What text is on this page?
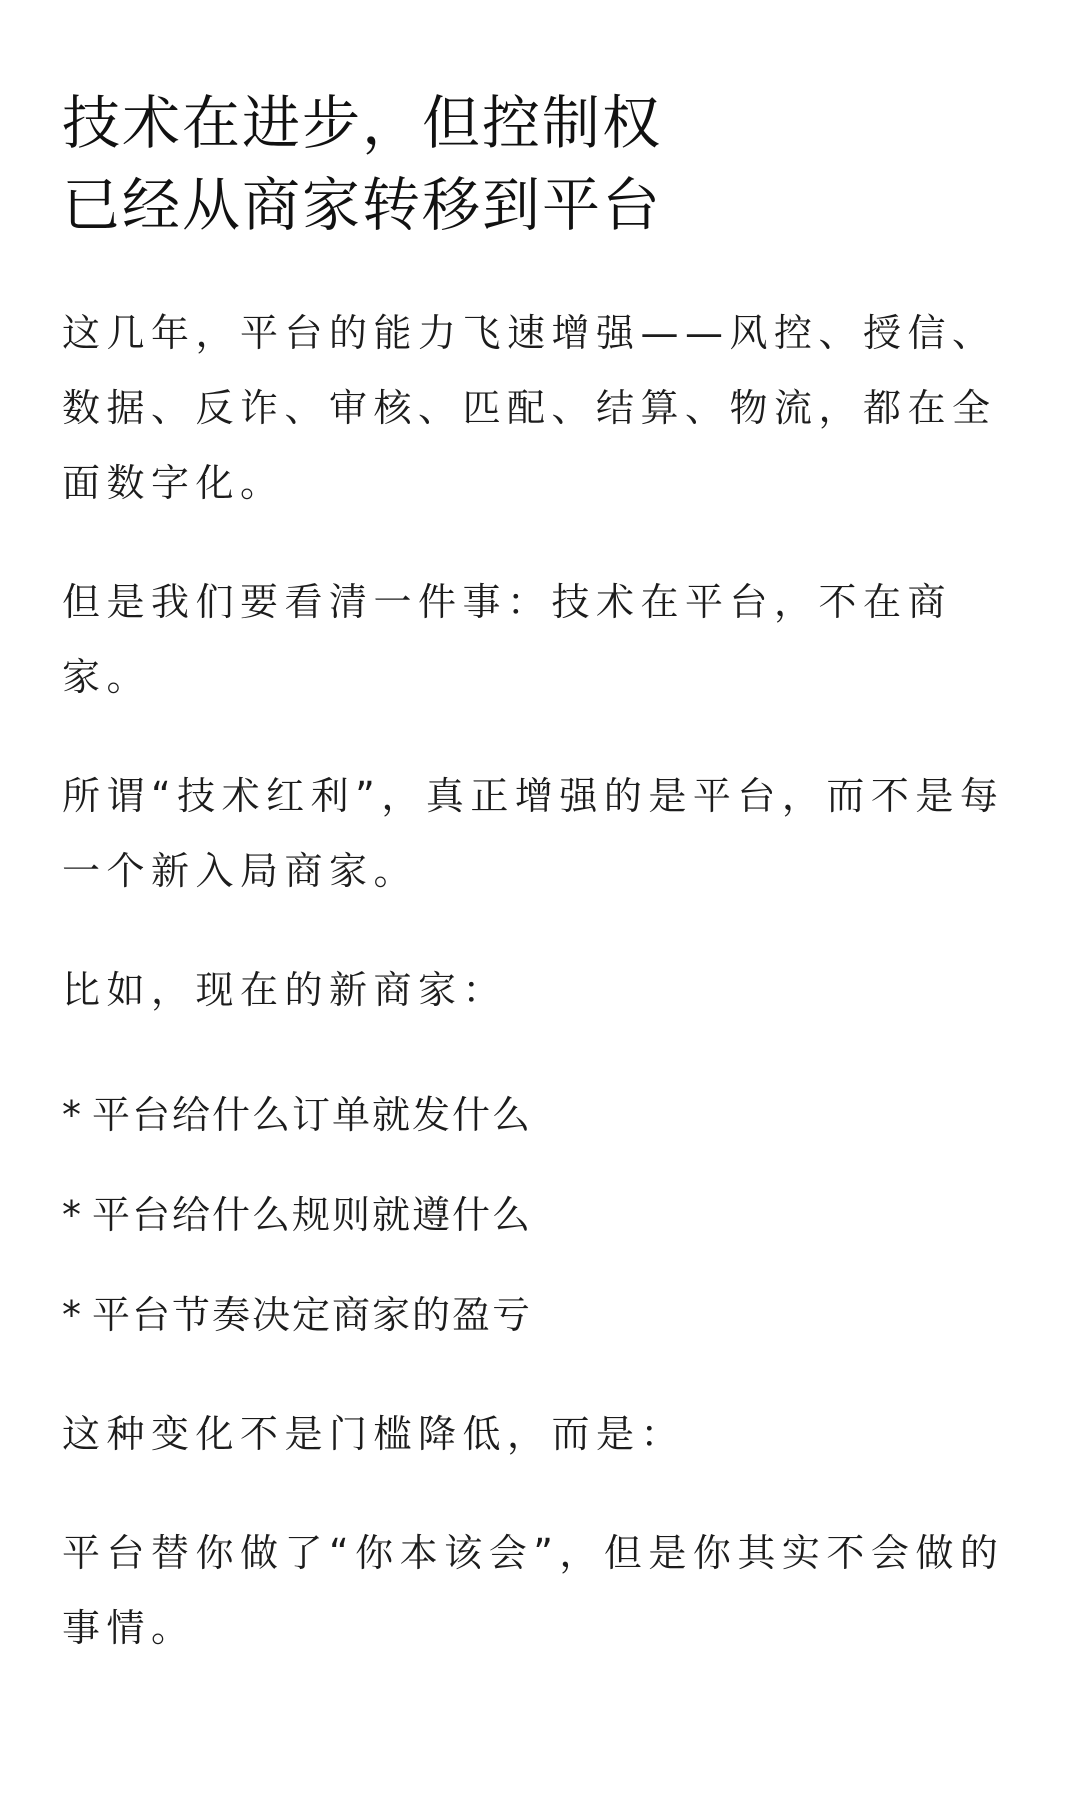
技术在进步，但控制权
已经从商家转移到平台

这几年，平台的能力飞速增强——风控、授信、数据、反诈、审核、匹配、结算、物流，都在全面数字化。

但是我们要看清一件事：技术在平台，不在商家。

所谓“技术红利”，真正增强的是平台，而不是每一个新入局商家。

比如，现在的新商家：

* 平台给什么订单就发什么
* 平台给什么规则就遵什么
* 平台节奏决定商家的盈亏

这种变化不是门槛降低，而是：

平台替你做了“你本该会”，但是你其实不会做的事情。
